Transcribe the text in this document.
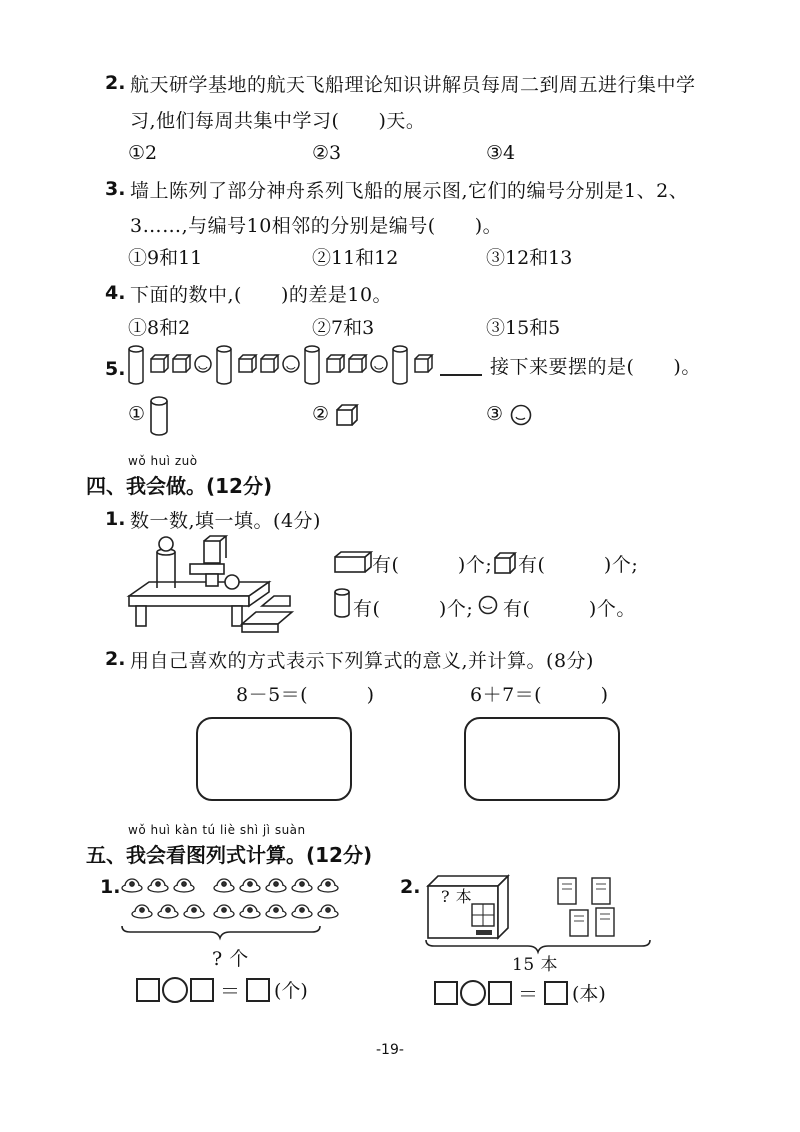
2. 航天研学基地的航天飞船理论知识讲解员每周二到周五进行集中学
习,他们每周共集中学习(　　)天。
①2	②3	③4
3. 墙上陈列了部分神舟系列飞船的展示图,它们的编号分别是1、2、
3……,与编号10相邻的分别是编号(　　)。
①9和11	②11和12	③12和13
4. 下面的数中,(　　)的差是10。
①8和2	②7和3	③15和5
5.	接下来要摆的是(　　)。
①	②	③
wǒ huì zuò
四、我会做。(12分)
1. 数一数,填一填。(4分)
有(　　　)个; 有(　　　)个;
有(　　　)个; 有(　　　)个。
2. 用自己喜欢的方式表示下列算式的意义,并计算。(8分)
8－5＝(　　　)	6＋7＝(　　　)
wǒ huì kàn tú liè shì jì suàn
五、我会看图列式计算。(12分)
1.
? 个
＝ (个)
2. ? 本
15 本
＝ (本)
-19-
